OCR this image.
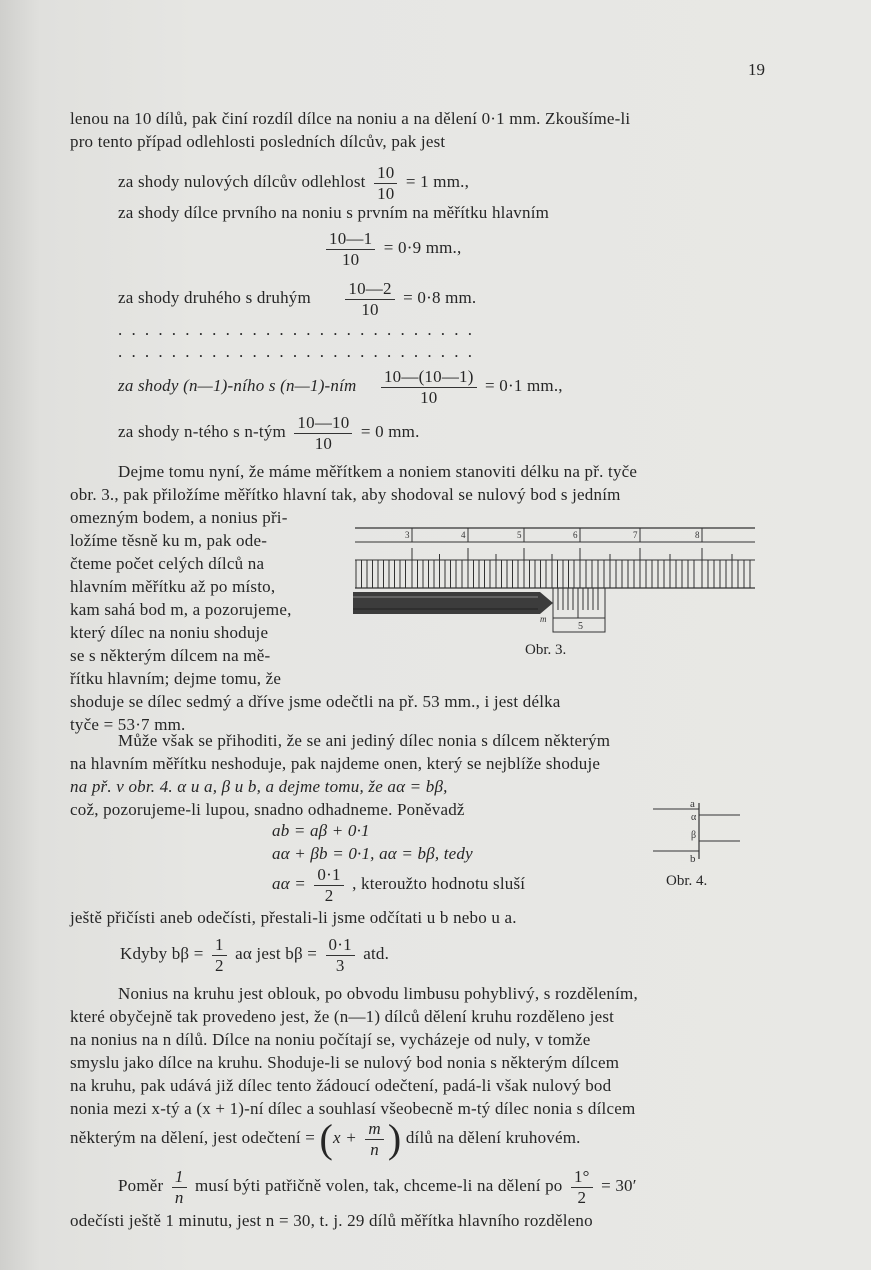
19
lenou na 10 dílů, pak činí rozdíl dílce na noniu a na dělení 0·1 mm. Zkoušíme-li
pro tento případ odlehlosti posledních dílcův, pak jest
za shody nulových dílcův odlehlost $\frac{10}{10} = 1$ mm.,
za shody dílce prvního na noniu s prvním na měřítku hlavním
$\frac{10—1}{10} = 0\cdot 9$ mm.,
za shody druhého s druhým $\frac{10—2}{10} = 0\cdot 8$ mm.
...........................
...........................
za shody (n—1)-ního s (n—1)-ním $\frac{10—(10—1)}{10} = 0\cdot 1$ mm.,
za shody n-tého s n-tým $\frac{10—10}{10} = 0$ mm.
Dejme tomu nyní, že máme měřítkem a noniem stanoviti délku na př. tyče
obr. 3., pak přiložíme měřítko hlavní tak, aby shodoval se nulový bod s jedním
omezným bodem, a nonius při-
ložíme těsně ku m, pak ode-
čteme počet celých dílců na
hlavním měřítku až po místo,
kam sahá bod m, a pozorujeme,
který dílec na noniu shoduje
se s některým dílcem na mě-
řítku hlavním; dejme tomu, že
shoduje se dílec sedmý a dříve jsme odečtli na př. 53 mm., i jest délka
tyče = 53·7 mm.
3	4	5	6	7	8
m
5
Obr. 3.
Může však se přihoditi, že se ani jediný dílec nonia s dílcem některým
na hlavním měřítku neshoduje, pak najdeme onen, který se nejblíže shoduje
na př. v obr. 4. α u a, β u b, a dejme tomu, že aα = bβ,
což, pozorujeme-li lupou, snadno odhadneme. Poněvadž
ab = aβ + 0·1
aα + βb = 0·1, aα = bβ, tedy
$a\alpha = \frac{0\cdot 1}{2}$ , kteroužto hodnotu sluší
a
α
β
b
Obr. 4.
ještě přičísti aneb odečísti, přestali-li jsme odčítati u b nebo u a.
Kdyby $b\beta = \frac{1}{2}$ aα jest $b\beta = \frac{0\cdot 1}{3}$ atd.
Nonius na kruhu jest oblouk, po obvodu limbusu pohyblivý, s rozdělením,
které obyčejně tak provedeno jest, že (n—1) dílců dělení kruhu rozděleno jest
na nonius na n dílů. Dílce na noniu počítají se, vycházeje od nuly, v tomže
smyslu jako dílce na kruhu. Shoduje-li se nulový bod nonia s některým dílcem
na kruhu, pak udává již dílec tento žádoucí odečtení, padá-li však nulový bod
nonia mezi x-tý a (x + 1)-ní dílec a souhlasí všeobecně m-tý dílec nonia s dílcem
některým na dělení, jest odečtení = ($x + \frac{m}{n}$ ) dílů na dělení kruhovém.
Poměr $\frac{1}{n}$ musí býti patřičně volen, tak, chceme-li na dělení po $\frac{1^\circ}{2} = 30'$
odečísti ještě 1 minutu, jest n = 30, t. j. 29 dílů měřítka hlavního rozděleno
